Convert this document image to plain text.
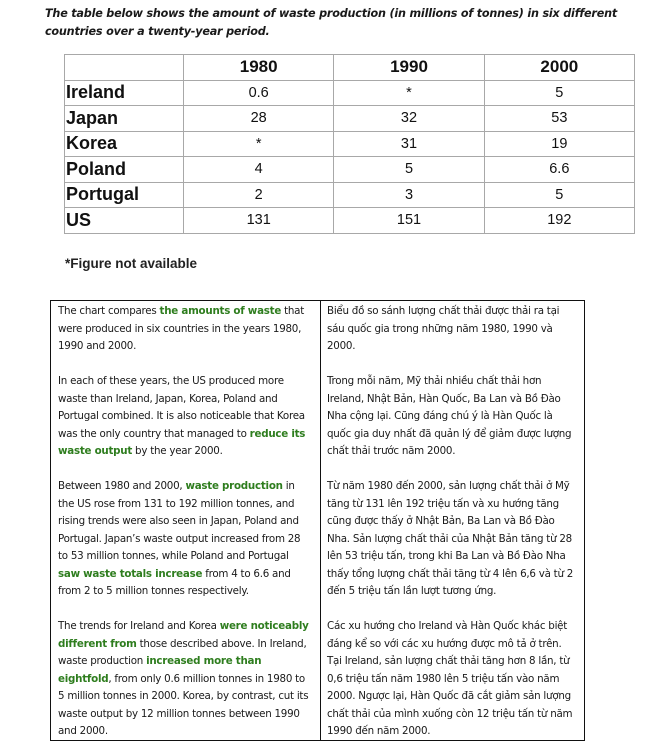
The table below shows the amount of waste production (in millions of tonnes) in six different countries over a twenty-year period.
	1980	1990	2000
Ireland	0.6	*	5
Japan	28	32	53
Korea	*	31	19
Poland	4	5	6.6
Portugal	2	3	5
US	131	151	192
*Figure not available

The chart compares the amounts of waste that were produced in six countries in the years 1980, 1990 and 2000.

In each of these years, the US produced more waste than Ireland, Japan, Korea, Poland and Portugal combined. It is also noticeable that Korea was the only country that managed to reduce its waste output by the year 2000.

Between 1980 and 2000, waste production in the US rose from 131 to 192 million tonnes, and rising trends were also seen in Japan, Poland and Portugal. Japan’s waste output increased from 28 to 53 million tonnes, while Poland and Portugal saw waste totals increase from 4 to 6.6 and from 2 to 5 million tonnes respectively.

The trends for Ireland and Korea were noticeably different from those described above. In Ireland, waste production increased more than eightfold, from only 0.6 million tonnes in 1980 to 5 million tonnes in 2000. Korea, by contrast, cut its waste output by 12 million tonnes between 1990 and 2000.

Biểu đồ so sánh lượng chất thải được thải ra tại sáu quốc gia trong những năm 1980, 1990 và 2000.

Trong mỗi năm, Mỹ thải nhiều chất thải hơn Ireland, Nhật Bản, Hàn Quốc, Ba Lan và Bồ Đào Nha cộng lại. Cũng đáng chú ý là Hàn Quốc là quốc gia duy nhất đã quản lý để giảm được lượng chất thải trước năm 2000.

Từ năm 1980 đến 2000, sản lượng chất thải ở Mỹ tăng từ 131 lên 192 triệu tấn và xu hướng tăng cũng được thấy ở Nhật Bản, Ba Lan và Bồ Đào Nha. Sản lượng chất thải của Nhật Bản tăng từ 28 lên 53 triệu tấn, trong khi Ba Lan và Bồ Đào Nha thấy tổng lượng chất thải tăng từ 4 lên 6,6 và từ 2 đến 5 triệu tấn lần lượt tương ứng.

Các xu hướng cho Ireland và Hàn Quốc khác biệt đáng kể so với các xu hướng được mô tả ở trên. Tại Ireland, sản lượng chất thải tăng hơn 8 lần, từ 0,6 triệu tấn năm 1980 lên 5 triệu tấn vào năm 2000. Ngược lại, Hàn Quốc đã cắt giảm sản lượng chất thải của mình xuống còn 12 triệu tấn từ năm 1990 đến năm 2000.
